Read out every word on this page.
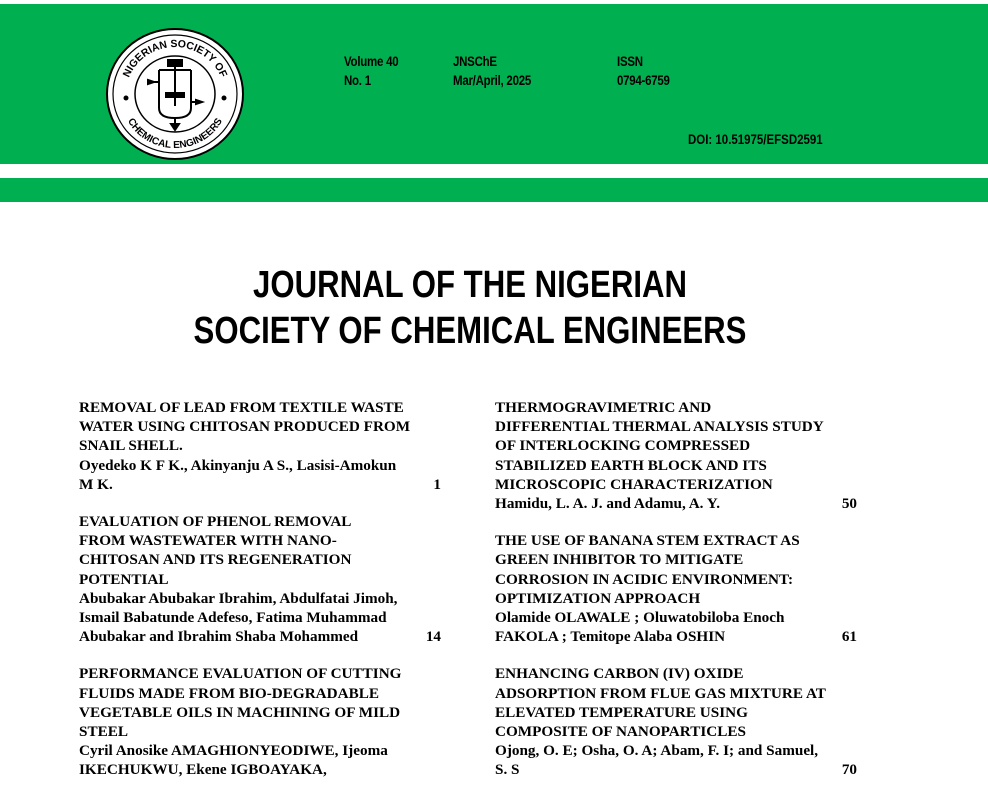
NIGERIAN SOCIETY OF
CHEMICAL ENGINEERS
Volume 40
No. 1
JNSChE
Mar/April, 2025
ISSN
0794-6759
DOI: 10.51975/EFSD2591
JOURNAL OF THE NIGERIAN
SOCIETY OF CHEMICAL ENGINEERS
REMOVAL OF LEAD FROM TEXTILE WASTE
WATER USING CHITOSAN PRODUCED FROM
SNAIL SHELL.
Oyedeko K F K., Akinyanju A S., Lasisi-Amokun
M K.	1
EVALUATION OF PHENOL REMOVAL
FROM WASTEWATER WITH NANO-
CHITOSAN AND ITS REGENERATION
POTENTIAL
Abubakar Abubakar Ibrahim, Abdulfatai Jimoh,
Ismail Babatunde Adefeso, Fatima Muhammad
Abubakar and Ibrahim Shaba Mohammed	14
PERFORMANCE EVALUATION OF CUTTING
FLUIDS MADE FROM BIO-DEGRADABLE
VEGETABLE OILS IN MACHINING OF MILD
STEEL
Cyril Anosike AMAGHIONYEODIWE, Ijeoma
IKECHUKWU, Ekene IGBOAYAKA,
THERMOGRAVIMETRIC AND
DIFFERENTIAL THERMAL ANALYSIS STUDY
OF INTERLOCKING COMPRESSED
STABILIZED EARTH BLOCK AND ITS
MICROSCOPIC CHARACTERIZATION
Hamidu, L. A. J. and Adamu, A. Y.	50
THE USE OF BANANA STEM EXTRACT AS
GREEN INHIBITOR TO MITIGATE
CORROSION IN ACIDIC ENVIRONMENT:
OPTIMIZATION APPROACH
Olamide OLAWALE ; Oluwatobiloba Enoch
FAKOLA ; Temitope Alaba OSHIN	61
ENHANCING CARBON (IV) OXIDE
ADSORPTION FROM FLUE GAS MIXTURE AT
ELEVATED TEMPERATURE USING
COMPOSITE OF NANOPARTICLES
Ojong, O. E; Osha, O. A; Abam, F. I; and Samuel,
S. S	70
